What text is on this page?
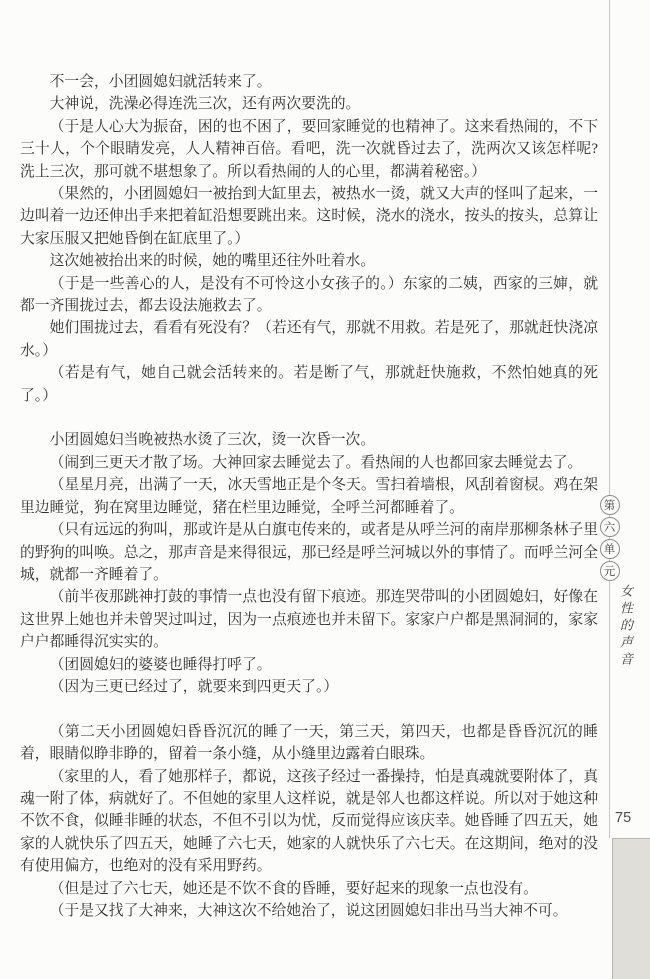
不一会，小团圆媳妇就活转来了。

大神说，洗澡必得连洗三次，还有两次要洗的。

（于是人心大为振奋，困的也不困了，要回家睡觉的也精神了。这来看热闹的，不下三十人，个个眼睛发亮，人人精神百倍。看吧，洗一次就昏过去了，洗两次又该怎样呢?洗上三次，那可就不堪想象了。所以看热闹的人的心里，都满着秘密。）

（果然的，小团圆媳妇一被抬到大缸里去，被热水一烫，就又大声的怪叫了起来，一边叫着一边还伸出手来把着缸沿想要跳出来。这时候，浇水的浇水，按头的按头，总算让大家压服又把她昏倒在缸底里了。）

这次她被抬出来的时候，她的嘴里还往外吐着水。

（于是一些善心的人，是没有不可怜这小女孩子的。）东家的二姨，西家的三婶，就都一齐围拢过去，都去设法施救去了。

她们围拢过去，看看有死没有？（若还有气，那就不用救。若是死了，那就赶快浇凉水。）

（若是有气，她自己就会活转来的。若是断了气，那就赶快施救，不然怕她真的死了。）

小团圆媳妇当晚被热水烫了三次，烫一次昏一次。

（闹到三更天才散了场。大神回家去睡觉去了。看热闹的人也都回家去睡觉去了。

（星星月亮，出满了一天，冰天雪地正是个冬天。雪扫着墙根，风刮着窗棂。鸡在架里边睡觉，狗在窝里边睡觉，猪在栏里边睡觉，全呼兰河都睡着了。

（只有远远的狗叫，那或许是从白旗屯传来的，或者是从呼兰河的南岸那柳条林子里的野狗的叫唤。总之，那声音是来得很远，那已经是呼兰河城以外的事情了。而呼兰河全城，就都一齐睡着了。

（前半夜那跳神打鼓的事情一点也没有留下痕迹。那连哭带叫的小团圆媳妇，好像在这世界上她也并未曾哭过叫过，因为一点痕迹也并未留下。家家户户都是黑洞洞的，家家户户都睡得沉实实的。

（团圆媳妇的婆婆也睡得打呼了。

（因为三更已经过了，就要来到四更天了。）

（第二天小团圆媳妇昏昏沉沉的睡了一天，第三天，第四天，也都是昏昏沉沉的睡着，眼睛似睁非睁的，留着一条小缝，从小缝里边露着白眼珠。

（家里的人，看了她那样子，都说，这孩子经过一番操持，怕是真魂就要附体了，真魂一附了体，病就好了。不但她的家里人这样说，就是邻人也都这样说。所以对于她这种不饮不食，似睡非睡的状态，不但不引以为忧，反而觉得应该庆幸。她昏睡了四五天，她家的人就快乐了四五天，她睡了六七天，她家的人就快乐了六七天。在这期间，绝对的没有使用偏方，也绝对的没有采用野药。

（但是过了六七天，她还是不饮不食的昏睡，要好起来的现象一点也没有。

（于是又找了大神来，大神这次不给她治了，说这团圆媳妇非出马当大神不可。

第
六
单
元
女性的声音
75
